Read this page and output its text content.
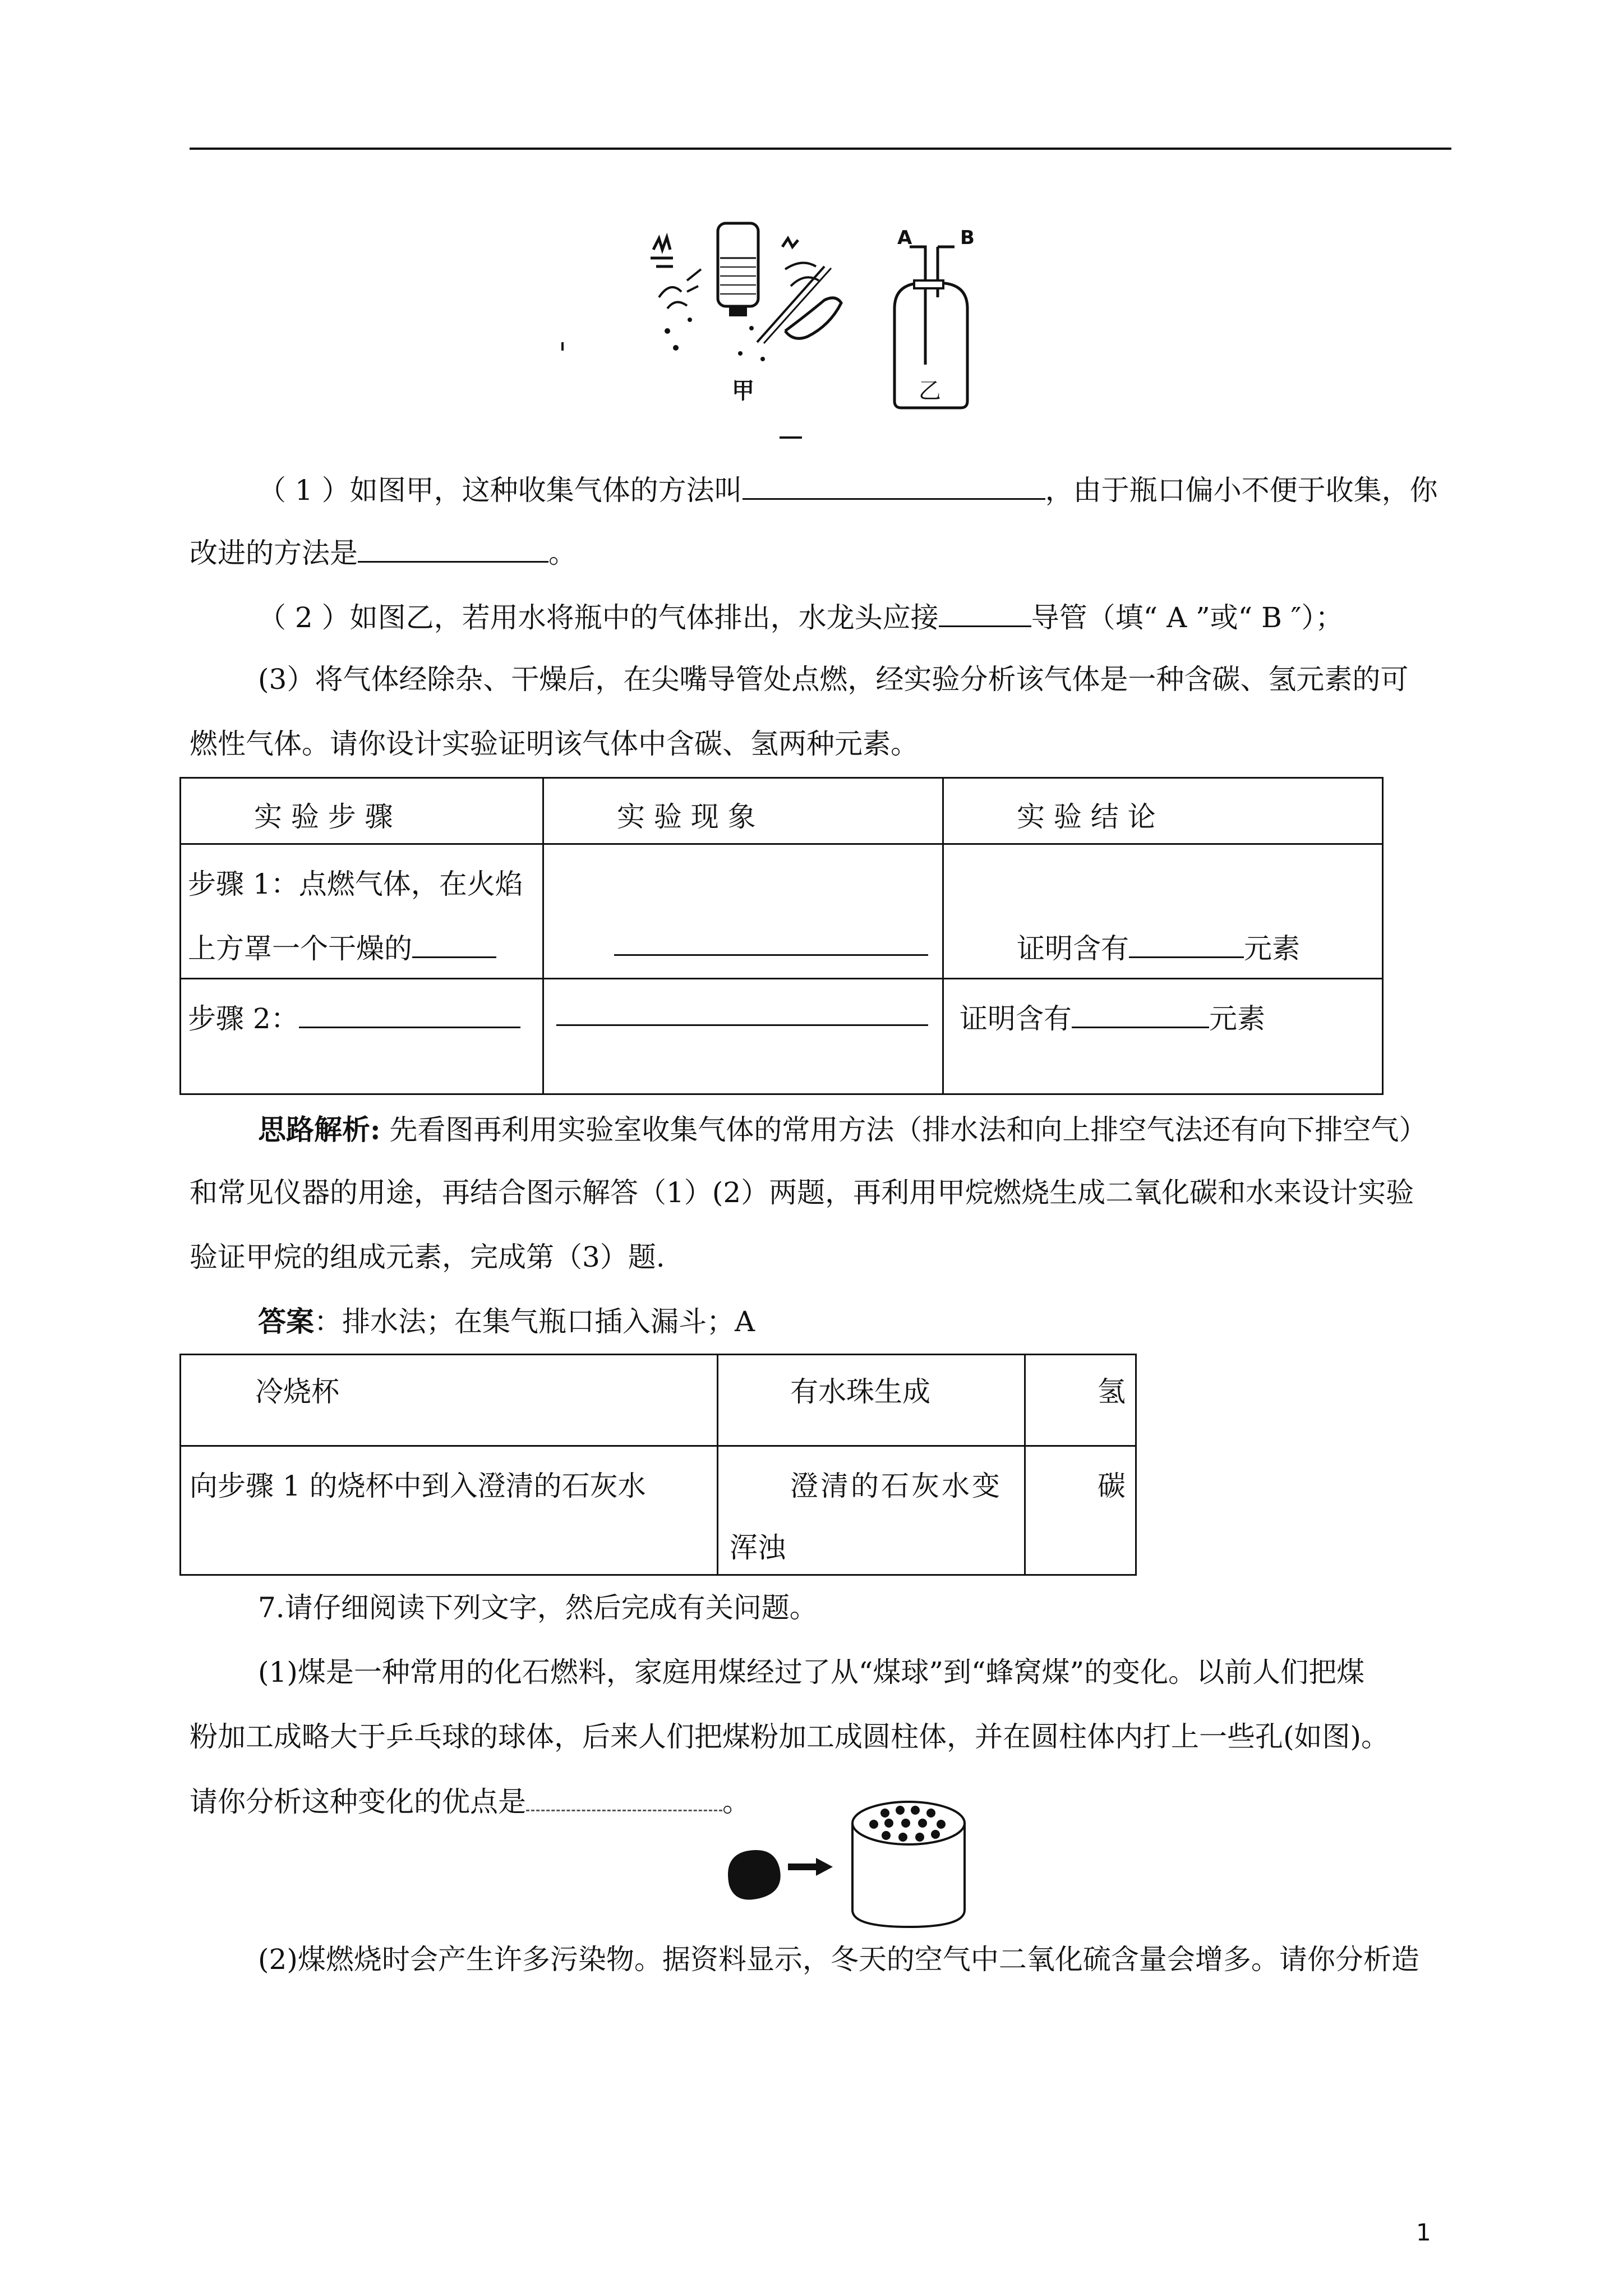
甲
A	B
乙
（ 1 ）如图甲，这种收集气体的方法叫	，由于瓶口偏小不便于收集，你
改进的方法是	。
（ 2 ）如图乙，若用水将瓶中的气体排出，水龙头应接	导管（填“ A ”或“ B ″）；
(3）将气体经除杂、干燥后，在尖嘴导管处点燃，经实验分析该气体是一种含碳、氢元素的可
燃性气体。请你设计实验证明该气体中含碳、氢两种元素。
实 验 步 骤	实 验 现 象	实 验 结 论

步骤 1：点燃气体，在火焰
上方罩一个干燥的		证明含有 元素

步骤 2：		证明含有 元素
思路解析: 先看图再利用实验室收集气体的常用方法（排水法和向上排空气法还有向下排空气）
和常见仪器的用途，再结合图示解答（1）(2）两题，再利用甲烷燃烧生成二氧化碳和水来设计实验
验证甲烷的组成元素，完成第（3）题.
答案：排水法；在集气瓶口插入漏斗；A
冷烧杯	有水珠生成	氢

向步骤 1 的烧杯中到入澄清的石灰水	澄清的石灰水变
浑浊	碳
7.请仔细阅读下列文字，然后完成有关问题。
(1)煤是一种常用的化石燃料，家庭用煤经过了从“煤球”到“蜂窝煤”的变化。以前人们把煤
粉加工成略大于乒乓球的球体，后来人们把煤粉加工成圆柱体，并在圆柱体内打上一些孔(如图)。
请你分析这种变化的优点是	。
(2)煤燃烧时会产生许多污染物。据资料显示，冬天的空气中二氧化硫含量会增多。请你分析造
1
